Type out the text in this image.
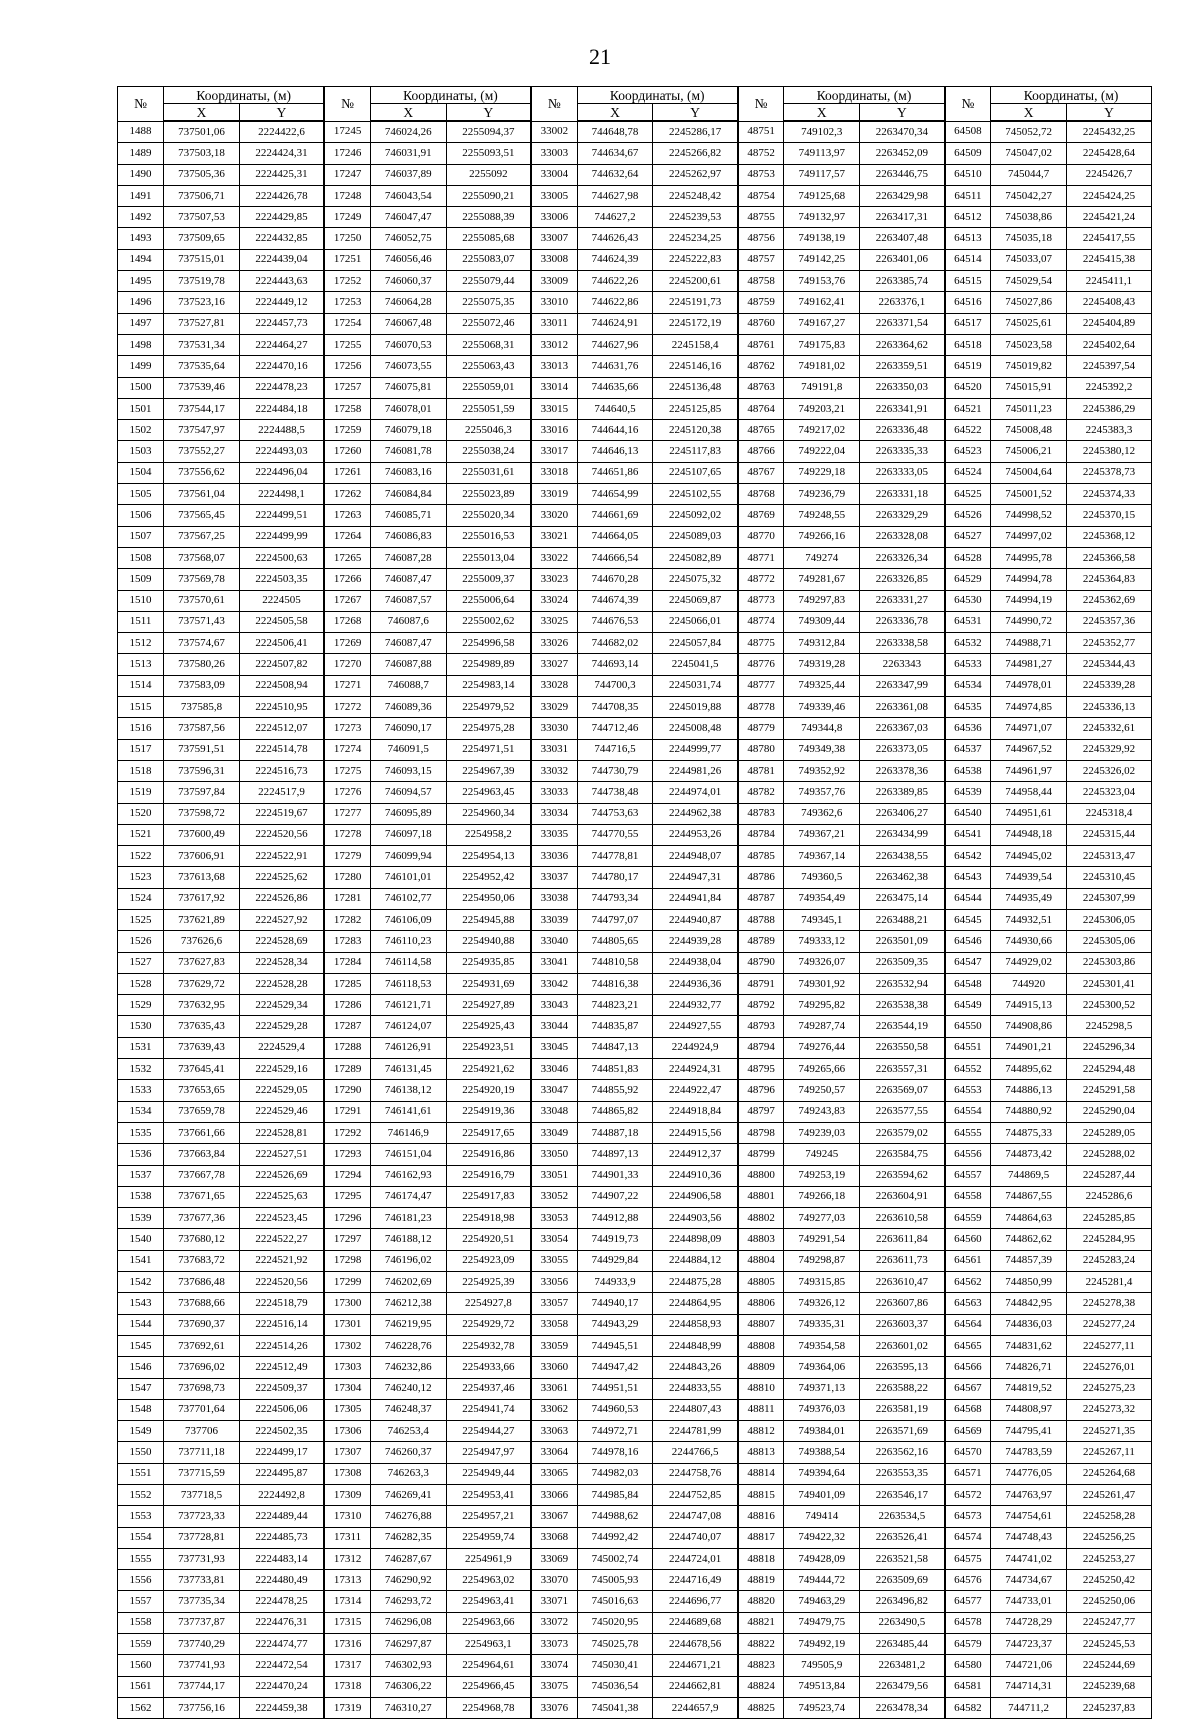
21
№	Координаты, (м)		№	Координаты, (м)		№	Координаты, (м)		№	Координаты, (м)		№	Координаты, (м)	
	X	Y		X	Y		X	Y		X	Y		X	Y
1488	737501,06	2224422,6	17245	746024,26	2255094,37	33002	744648,78	2245286,17	48751	749102,3	2263470,34	64508	745052,72	2245432,25
1489	737503,18	2224424,31	17246	746031,91	2255093,51	33003	744634,67	2245266,82	48752	749113,97	2263452,09	64509	745047,02	2245428,64
1490	737505,36	2224425,31	17247	746037,89	2255092	33004	744632,64	2245262,97	48753	749117,57	2263446,75	64510	745044,7	2245426,7
1491	737506,71	2224426,78	17248	746043,54	2255090,21	33005	744627,98	2245248,42	48754	749125,68	2263429,98	64511	745042,27	2245424,25
1492	737507,53	2224429,85	17249	746047,47	2255088,39	33006	744627,2	2245239,53	48755	749132,97	2263417,31	64512	745038,86	2245421,24
1493	737509,65	2224432,85	17250	746052,75	2255085,68	33007	744626,43	2245234,25	48756	749138,19	2263407,48	64513	745035,18	2245417,55
1494	737515,01	2224439,04	17251	746056,46	2255083,07	33008	744624,39	2245222,83	48757	749142,25	2263401,06	64514	745033,07	2245415,38
1495	737519,78	2224443,63	17252	746060,37	2255079,44	33009	744622,26	2245200,61	48758	749153,76	2263385,74	64515	745029,54	2245411,1
1496	737523,16	2224449,12	17253	746064,28	2255075,35	33010	744622,86	2245191,73	48759	749162,41	2263376,1	64516	745027,86	2245408,43
1497	737527,81	2224457,73	17254	746067,48	2255072,46	33011	744624,91	2245172,19	48760	749167,27	2263371,54	64517	745025,61	2245404,89
1498	737531,34	2224464,27	17255	746070,53	2255068,31	33012	744627,96	2245158,4	48761	749175,83	2263364,62	64518	745023,58	2245402,64
1499	737535,64	2224470,16	17256	746073,55	2255063,43	33013	744631,76	2245146,16	48762	749181,02	2263359,51	64519	745019,82	2245397,54
1500	737539,46	2224478,23	17257	746075,81	2255059,01	33014	744635,66	2245136,48	48763	749191,8	2263350,03	64520	745015,91	2245392,2
1501	737544,17	2224484,18	17258	746078,01	2255051,59	33015	744640,5	2245125,85	48764	749203,21	2263341,91	64521	745011,23	2245386,29
1502	737547,97	2224488,5	17259	746079,18	2255046,3	33016	744644,16	2245120,38	48765	749217,02	2263336,48	64522	745008,48	2245383,3
1503	737552,27	2224493,03	17260	746081,78	2255038,24	33017	744646,13	2245117,83	48766	749222,04	2263335,33	64523	745006,21	2245380,12
1504	737556,62	2224496,04	17261	746083,16	2255031,61	33018	744651,86	2245107,65	48767	749229,18	2263333,05	64524	745004,64	2245378,73
1505	737561,04	2224498,1	17262	746084,84	2255023,89	33019	744654,99	2245102,55	48768	749236,79	2263331,18	64525	745001,52	2245374,33
1506	737565,45	2224499,51	17263	746085,71	2255020,34	33020	744661,69	2245092,02	48769	749248,55	2263329,29	64526	744998,52	2245370,15
1507	737567,25	2224499,99	17264	746086,83	2255016,53	33021	744664,05	2245089,03	48770	749266,16	2263328,08	64527	744997,02	2245368,12
1508	737568,07	2224500,63	17265	746087,28	2255013,04	33022	744666,54	2245082,89	48771	749274	2263326,34	64528	744995,78	2245366,58
1509	737569,78	2224503,35	17266	746087,47	2255009,37	33023	744670,28	2245075,32	48772	749281,67	2263326,85	64529	744994,78	2245364,83
1510	737570,61	2224505	17267	746087,57	2255006,64	33024	744674,39	2245069,87	48773	749297,83	2263331,27	64530	744994,19	2245362,69
1511	737571,43	2224505,58	17268	746087,6	2255002,62	33025	744676,53	2245066,01	48774	749309,44	2263336,78	64531	744990,72	2245357,36
1512	737574,67	2224506,41	17269	746087,47	2254996,58	33026	744682,02	2245057,84	48775	749312,84	2263338,58	64532	744988,71	2245352,77
1513	737580,26	2224507,82	17270	746087,88	2254989,89	33027	744693,14	2245041,5	48776	749319,28	2263343	64533	744981,27	2245344,43
1514	737583,09	2224508,94	17271	746088,7	2254983,14	33028	744700,3	2245031,74	48777	749325,44	2263347,99	64534	744978,01	2245339,28
1515	737585,8	2224510,95	17272	746089,36	2254979,52	33029	744708,35	2245019,88	48778	749339,46	2263361,08	64535	744974,85	2245336,13
1516	737587,56	2224512,07	17273	746090,17	2254975,28	33030	744712,46	2245008,48	48779	749344,8	2263367,03	64536	744971,07	2245332,61
1517	737591,51	2224514,78	17274	746091,5	2254971,51	33031	744716,5	2244999,77	48780	749349,38	2263373,05	64537	744967,52	2245329,92
1518	737596,31	2224516,73	17275	746093,15	2254967,39	33032	744730,79	2244981,26	48781	749352,92	2263378,36	64538	744961,97	2245326,02
1519	737597,84	2224517,9	17276	746094,57	2254963,45	33033	744738,48	2244974,01	48782	749357,76	2263389,85	64539	744958,44	2245323,04
1520	737598,72	2224519,67	17277	746095,89	2254960,34	33034	744753,63	2244962,38	48783	749362,6	2263406,27	64540	744951,61	2245318,4
1521	737600,49	2224520,56	17278	746097,18	2254958,2	33035	744770,55	2244953,26	48784	749367,21	2263434,99	64541	744948,18	2245315,44
1522	737606,91	2224522,91	17279	746099,94	2254954,13	33036	744778,81	2244948,07	48785	749367,14	2263438,55	64542	744945,02	2245313,47
1523	737613,68	2224525,62	17280	746101,01	2254952,42	33037	744780,17	2244947,31	48786	749360,5	2263462,38	64543	744939,54	2245310,45
1524	737617,92	2224526,86	17281	746102,77	2254950,06	33038	744793,34	2244941,84	48787	749354,49	2263475,14	64544	744935,49	2245307,99
1525	737621,89	2224527,92	17282	746106,09	2254945,88	33039	744797,07	2244940,87	48788	749345,1	2263488,21	64545	744932,51	2245306,05
1526	737626,6	2224528,69	17283	746110,23	2254940,88	33040	744805,65	2244939,28	48789	749333,12	2263501,09	64546	744930,66	2245305,06
1527	737627,83	2224528,34	17284	746114,58	2254935,85	33041	744810,58	2244938,04	48790	749326,07	2263509,35	64547	744929,02	2245303,86
1528	737629,72	2224528,28	17285	746118,53	2254931,69	33042	744816,38	2244936,36	48791	749301,92	2263532,94	64548	744920	2245301,41
1529	737632,95	2224529,34	17286	746121,71	2254927,89	33043	744823,21	2244932,77	48792	749295,82	2263538,38	64549	744915,13	2245300,52
1530	737635,43	2224529,28	17287	746124,07	2254925,43	33044	744835,87	2244927,55	48793	749287,74	2263544,19	64550	744908,86	2245298,5
1531	737639,43	2224529,4	17288	746126,91	2254923,51	33045	744847,13	2244924,9	48794	749276,44	2263550,58	64551	744901,21	2245296,34
1532	737645,41	2224529,16	17289	746131,45	2254921,62	33046	744851,83	2244924,31	48795	749265,66	2263557,31	64552	744895,62	2245294,48
1533	737653,65	2224529,05	17290	746138,12	2254920,19	33047	744855,92	2244922,47	48796	749250,57	2263569,07	64553	744886,13	2245291,58
1534	737659,78	2224529,46	17291	746141,61	2254919,36	33048	744865,82	2244918,84	48797	749243,83	2263577,55	64554	744880,92	2245290,04
1535	737661,66	2224528,81	17292	746146,9	2254917,65	33049	744887,18	2244915,56	48798	749239,03	2263579,02	64555	744875,33	2245289,05
1536	737663,84	2224527,51	17293	746151,04	2254916,86	33050	744897,13	2244912,37	48799	749245	2263584,75	64556	744873,42	2245288,02
1537	737667,78	2224526,69	17294	746162,93	2254916,79	33051	744901,33	2244910,36	48800	749253,19	2263594,62	64557	744869,5	2245287,44
1538	737671,65	2224525,63	17295	746174,47	2254917,83	33052	744907,22	2244906,58	48801	749266,18	2263604,91	64558	744867,55	2245286,6
1539	737677,36	2224523,45	17296	746181,23	2254918,98	33053	744912,88	2244903,56	48802	749277,03	2263610,58	64559	744864,63	2245285,85
1540	737680,12	2224522,27	17297	746188,12	2254920,51	33054	744919,73	2244898,09	48803	749291,54	2263611,84	64560	744862,62	2245284,95
1541	737683,72	2224521,92	17298	746196,02	2254923,09	33055	744929,84	2244884,12	48804	749298,87	2263611,73	64561	744857,39	2245283,24
1542	737686,48	2224520,56	17299	746202,69	2254925,39	33056	744933,9	2244875,28	48805	749315,85	2263610,47	64562	744850,99	2245281,4
1543	737688,66	2224518,79	17300	746212,38	2254927,8	33057	744940,17	2244864,95	48806	749326,12	2263607,86	64563	744842,95	2245278,38
1544	737690,37	2224516,14	17301	746219,95	2254929,72	33058	744943,29	2244858,93	48807	749335,31	2263603,37	64564	744836,03	2245277,24
1545	737692,61	2224514,26	17302	746228,76	2254932,78	33059	744945,51	2244848,99	48808	749354,58	2263601,02	64565	744831,62	2245277,11
1546	737696,02	2224512,49	17303	746232,86	2254933,66	33060	744947,42	2244843,26	48809	749364,06	2263595,13	64566	744826,71	2245276,01
1547	737698,73	2224509,37	17304	746240,12	2254937,46	33061	744951,51	2244833,55	48810	749371,13	2263588,22	64567	744819,52	2245275,23
1548	737701,64	2224506,06	17305	746248,37	2254941,74	33062	744960,53	2244807,43	48811	749376,03	2263581,19	64568	744808,97	2245273,32
1549	737706	2224502,35	17306	746253,4	2254944,27	33063	744972,71	2244781,99	48812	749384,01	2263571,69	64569	744795,41	2245271,35
1550	737711,18	2224499,17	17307	746260,37	2254947,97	33064	744978,16	2244766,5	48813	749388,54	2263562,16	64570	744783,59	2245267,11
1551	737715,59	2224495,87	17308	746263,3	2254949,44	33065	744982,03	2244758,76	48814	749394,64	2263553,35	64571	744776,05	2245264,68
1552	737718,5	2224492,8	17309	746269,41	2254953,41	33066	744985,84	2244752,85	48815	749401,09	2263546,17	64572	744763,97	2245261,47
1553	737723,33	2224489,44	17310	746276,88	2254957,21	33067	744988,62	2244747,08	48816	749414	2263534,5	64573	744754,61	2245258,28
1554	737728,81	2224485,73	17311	746282,35	2254959,74	33068	744992,42	2244740,07	48817	749422,32	2263526,41	64574	744748,43	2245256,25
1555	737731,93	2224483,14	17312	746287,67	2254961,9	33069	745002,74	2244724,01	48818	749428,09	2263521,58	64575	744741,02	2245253,27
1556	737733,81	2224480,49	17313	746290,92	2254963,02	33070	745005,93	2244716,49	48819	749444,72	2263509,69	64576	744734,67	2245250,42
1557	737735,34	2224478,25	17314	746293,72	2254963,41	33071	745016,63	2244696,77	48820	749463,29	2263496,82	64577	744733,01	2245250,06
1558	737737,87	2224476,31	17315	746296,08	2254963,66	33072	745020,95	2244689,68	48821	749479,75	2263490,5	64578	744728,29	2245247,77
1559	737740,29	2224474,77	17316	746297,87	2254963,1	33073	745025,78	2244678,56	48822	749492,19	2263485,44	64579	744723,37	2245245,53
1560	737741,93	2224472,54	17317	746302,93	2254964,61	33074	745030,41	2244671,21	48823	749505,9	2263481,2	64580	744721,06	2245244,69
1561	737744,17	2224470,24	17318	746306,22	2254966,45	33075	745036,54	2244662,81	48824	749513,84	2263479,56	64581	744714,31	2245239,68
1562	737756,16	2224459,38	17319	746310,27	2254968,78	33076	745041,38	2244657,9	48825	749523,74	2263478,34	64582	744711,2	2245237,83
